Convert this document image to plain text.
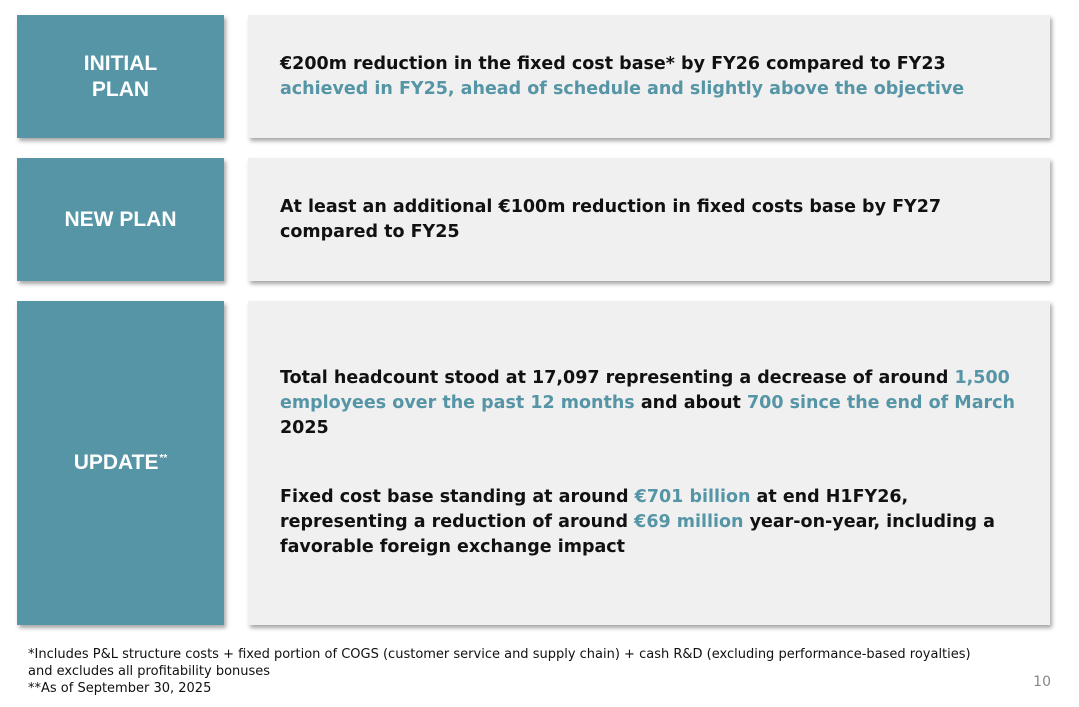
INITIAL
PLAN
€200m reduction in the fixed cost base* by FY26 compared to FY23
achieved in FY25, ahead of schedule and slightly above the objective
NEW PLAN
At least an additional €100m reduction in fixed costs base by FY27
compared to FY25
UPDATE**
Total headcount stood at 17,097 representing a decrease of around 1,500 employees over the past 12 months and about 700 since the end of March 2025
Fixed cost base standing at around €701 billion at end H1FY26, representing a reduction of around €69 million year-on-year, including a favorable foreign exchange impact
*Includes P&L structure costs + fixed portion of COGS (customer service and supply chain) + cash R&D (excluding performance-based royalties) and excludes all profitability bonuses
**As of September 30, 2025	10
